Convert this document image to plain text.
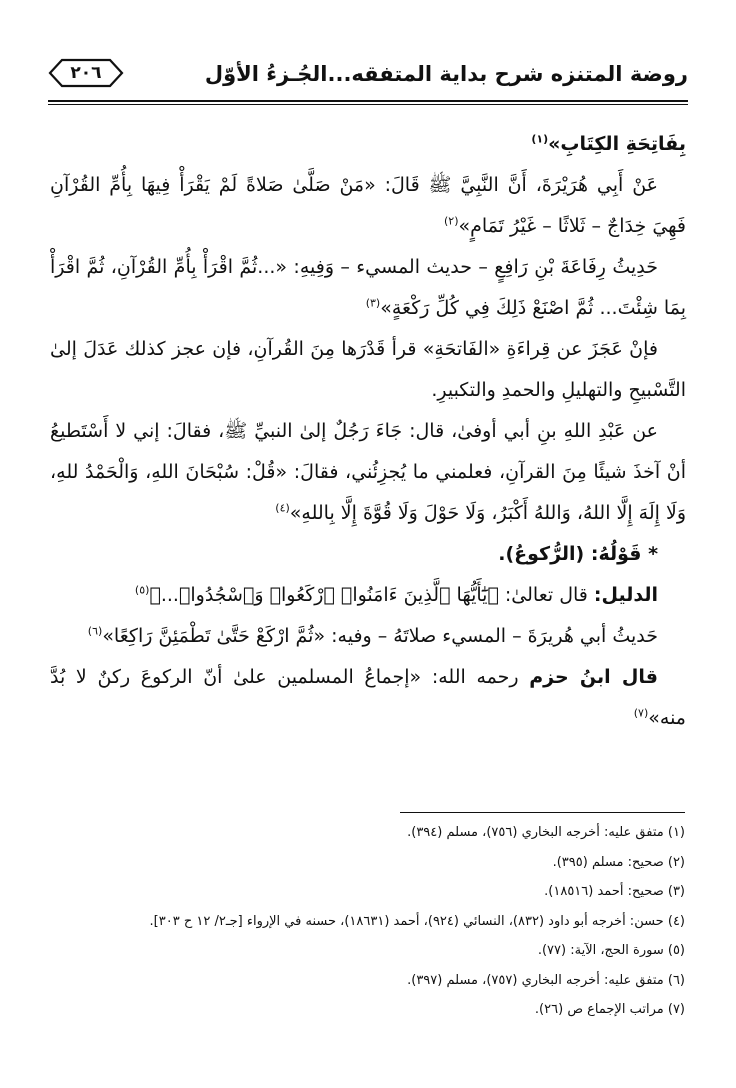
٢٠٦	روضة المتنزه شرح بداية المتفقه...الجُـزءُ الأوّل

بِفَاتِحَةِ الكِتَابِ»$^{(١)}$

عَنْ أَبِي هُرَيْرَةَ، أَنَّ النَّبِيَّ ﷺ قَالَ: «مَنْ صَلَّىٰ صَلاةً لَمْ يَقْرَأْ فِيهَا بِأُمِّ القُرْآنِ فَهِيَ خِدَاجٌ – ثَلاثًا – غَيْرُ تَمَامٍ»$^{(٢)}$

حَدِيثُ رِفَاعَةَ بْنِ رَافِعٍ – حديث المسيء – وَفِيهِ: «...ثُمَّ اقْرَأْ بِأُمِّ القُرْآنِ، ثُمَّ اقْرَأْ بِمَا شِئْتَ... ثُمَّ اصْنَعْ ذَلِكَ فِي كُلِّ رَكْعَةٍ»$^{(٣)}$

فإنْ عَجَزَ عن قِراءَةِ «الفَاتحَةِ» قرأ قَدْرَها مِنَ القُرآنِ، فإن عجز كذلك عَدَلَ إلىٰ التَّسْبيحِ والتهليلِ والحمدِ والتكبيرِ.

عن عَبْدِ اللهِ بنِ أبي أوفىٰ، قال: جَاءَ رَجُلٌ إلىٰ النبيِّ ﷺ، فقالَ: إني لا أَسْتَطيعُ أنْ آخذَ شيئًا مِنَ القرآنِ، فعلمني ما يُجزِئُني، فقالَ: «قُلْ: سُبْحَانَ اللهِ، وَالْحَمْدُ للهِ، وَلَا إِلَهَ إِلَّا اللهُ، وَاللهُ أَكْبَرُ، وَلَا حَوْلَ وَلَا قُوَّةَ إِلَّا بِاللهِ»$^{(٤)}$

* قَوْلُهُ: (الرُّكوعُ).

الدليل: قال تعالىٰ: ﴿يَٰٓأَيُّهَا ٱلَّذِينَ ءَامَنُوا۟ ٱرْكَعُوا۟ وَٱسْجُدُوا۟...﴾$^{(٥)}$

حَديثُ أبي هُريرَةَ – المسيء صلاتَهُ – وفيه: «ثُمَّ ارْكَعْ حَتَّىٰ تَطْمَئِنَّ رَاكِعًا»$^{(٦)}$

قال ابنُ حزم رحمه الله: «إجماعُ المسلمين علىٰ أنّ الركوعَ ركنٌ لا بُدَّ منه»$^{(٧)}$

(١) متفق عليه: أخرجه البخاري (٧٥٦)، مسلم (٣٩٤).

(٢) صحيح: مسلم (٣٩٥).

(٣) صحيح: أحمد (١٨٥١٦).

(٤) حسن: أخرجه أبو داود (٨٣٢)، النسائي (٩٢٤)، أحمد (١٨٦٣١)، حسنه في الإرواء [جـ٢/ ١٢ ح ٣٠٣].

(٥) سورة الحج، الآية: (٧٧).

(٦) متفق عليه: أخرجه البخاري (٧٥٧)، مسلم (٣٩٧).

(٧) مراتب الإجماع ص (٢٦).
